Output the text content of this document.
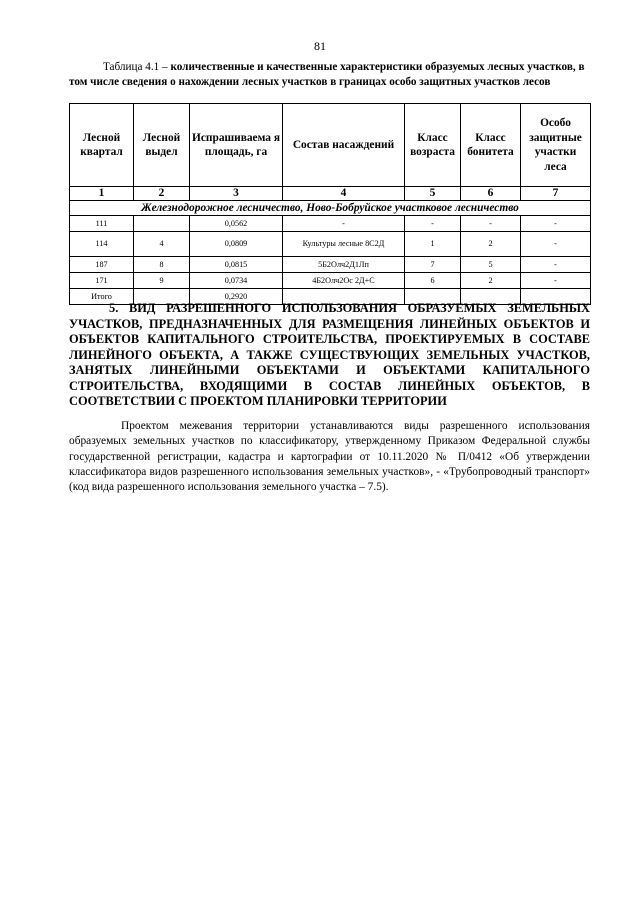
81
Таблица 4.1 – количественные и качественные характеристики образуемых лесных участков, в том числе сведения о нахождении лесных участков в границах особо защитных участков лесов
Лесной квартал	Лесной выдел	Испрашиваема я площадь, га	Состав насаждений	Класс возраста	Класс бонитета	Особо защитные участки леса
1	2	3	4	5	6	7
Железнодорожное лесничество, Ново-Бобруйское участковое лесничество						
111		0,0562	-	-	-	-
114	4	0,0809	Культуры лесные 8С2Д	1	2	-
187	8	0,0815	5Б2Олч2Д1Лп	7	5	-
171	9	0,0734	4Б2Олч2Ос 2Д+С	6	2	-
Итого		0,2920				
5. ВИД РАЗРЕШЕННОГО ИСПОЛЬЗОВАНИЯ ОБРАЗУЕМЫХ ЗЕМЕЛЬНЫХ УЧАСТКОВ, ПРЕДНАЗНАЧЕННЫХ ДЛЯ РАЗМЕЩЕНИЯ ЛИНЕЙНЫХ ОБЪЕКТОВ И ОБЪЕКТОВ КАПИТАЛЬНОГО СТРОИТЕЛЬСТВА, ПРОЕКТИРУЕМЫХ В СОСТАВЕ ЛИНЕЙНОГО ОБЪЕКТА, А ТАКЖЕ СУЩЕСТВУЮЩИХ ЗЕМЕЛЬНЫХ УЧАСТКОВ, ЗАНЯТЫХ ЛИНЕЙНЫМИ ОБЪЕКТАМИ И ОБЪЕКТАМИ КАПИТАЛЬНОГО СТРОИТЕЛЬСТВА, ВХОДЯЩИМИ В СОСТАВ ЛИНЕЙНЫХ ОБЪЕКТОВ, В СООТВЕТСТВИИ С ПРОЕКТОМ ПЛАНИРОВКИ ТЕРРИТОРИИ
Проектом межевания территории устанавливаются виды разрешенного использования образуемых земельных участков по классификатору, утвержденному Приказом Федеральной службы государственной регистрации, кадастра и картографии от 10.11.2020 № П/0412 «Об утверждении классификатора видов разрешенного использования земельных участков», - «Трубопроводный транспорт» (код вида разрешенного использования земельного участка – 7.5).
